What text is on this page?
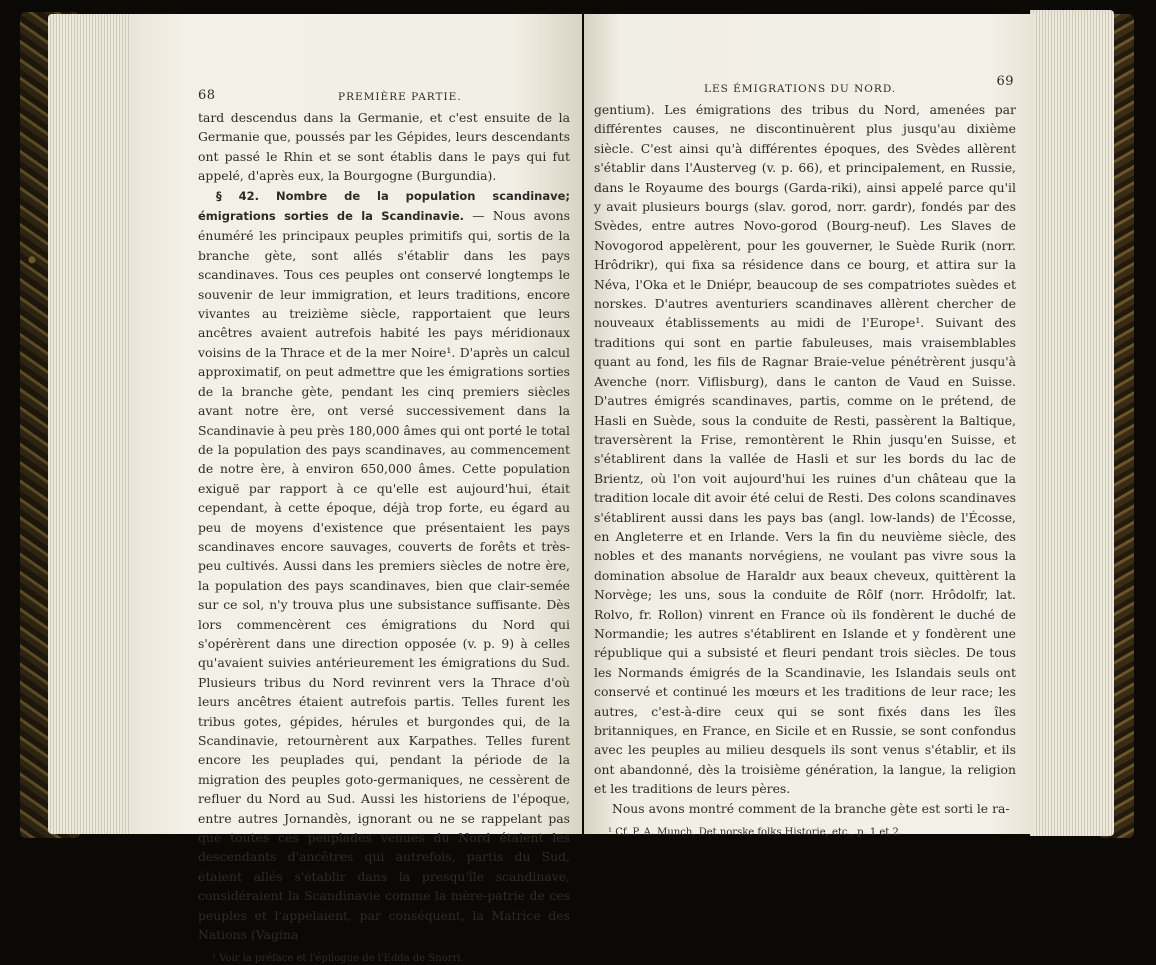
68	PREMIÈRE PARTIE.

tard descendus dans la Germanie, et c'est ensuite de la Germanie que, poussés par les Gépides, leurs descendants ont passé le Rhin et se sont établis dans le pays qui fut appelé, d'après eux, la Bourgogne (Burgundia).

§ 42. Nombre de la population scandinave; émigrations sorties de la Scandinavie. — Nous avons énuméré les principaux peuples primitifs qui, sortis de la branche gète, sont allés s'établir dans les pays scandinaves. Tous ces peuples ont conservé longtemps le souvenir de leur immigration, et leurs traditions, encore vivantes au treizième siècle, rapportaient que leurs ancêtres avaient autrefois habité les pays méridionaux voisins de la Thrace et de la mer Noire¹. D'après un calcul approximatif, on peut admettre que les émigrations sorties de la branche gète, pendant les cinq premiers siècles avant notre ère, ont versé successivement dans la Scandinavie à peu près 180,000 âmes qui ont porté le total de la population des pays scandinaves, au commencement de notre ère, à environ 650,000 âmes. Cette population exiguë par rapport à ce qu'elle est aujourd'hui, était cependant, à cette époque, déjà trop forte, eu égard au peu de moyens d'existence que présentaient les pays scandinaves encore sauvages, couverts de forêts et très-peu cultivés. Aussi dans les premiers siècles de notre ère, la population des pays scandinaves, bien que clair-semée sur ce sol, n'y trouva plus une subsistance suffisante. Dès lors commencèrent ces émigrations du Nord qui s'opérèrent dans une direction opposée (v. p. 9) à celles qu'avaient suivies antérieurement les émigrations du Sud. Plusieurs tribus du Nord revinrent vers la Thrace d'où leurs ancêtres étaient autrefois partis. Telles furent les tribus gotes, gépides, hérules et burgondes qui, de la Scandinavie, retournèrent aux Karpathes. Telles furent encore les peuplades qui, pendant la période de la migration des peuples goto-germaniques, ne cessèrent de refluer du Nord au Sud. Aussi les historiens de l'époque, entre autres Jornandès, ignorant ou ne se rappelant pas que toutes ces peuplades venues du Nord étaient les descendants d'ancêtres qui autrefois, partis du Sud, étaient allés s'établir dans la presqu'île scandinave, considéraient la Scandinavie comme la mère-patrie de ces peuples et l'appelaient, par conséquent, la Matrice des Nations (Vagina

¹ Voir la préface et l'épilogue de l'Edda de Snorri.
LES ÉMIGRATIONS DU NORD.	69

gentium). Les émigrations des tribus du Nord, amenées par différentes causes, ne discontinuèrent plus jusqu'au dixième siècle. C'est ainsi qu'à différentes époques, des Svèdes allèrent s'établir dans l'Austerveg (v. p. 66), et principalement, en Russie, dans le Royaume des bourgs (Garda-riki), ainsi appelé parce qu'il y avait plusieurs bourgs (slav. gorod, norr. gardr), fondés par des Svèdes, entre autres Novo-gorod (Bourg-neuf). Les Slaves de Novogorod appelèrent, pour les gouverner, le Suède Rurik (norr. Hrôdrikr), qui fixa sa résidence dans ce bourg, et attira sur la Néva, l'Oka et le Dniépr, beaucoup de ses compatriotes suèdes et norskes. D'autres aventuriers scandinaves allèrent chercher de nouveaux établissements au midi de l'Europe¹. Suivant des traditions qui sont en partie fabuleuses, mais vraisemblables quant au fond, les fils de Ragnar Braie-velue pénétrèrent jusqu'à Avenche (norr. Viflisburg), dans le canton de Vaud en Suisse. D'autres émigrés scandinaves, partis, comme on le prétend, de Hasli en Suède, sous la conduite de Resti, passèrent la Baltique, traversèrent la Frise, remontèrent le Rhin jusqu'en Suisse, et s'établirent dans la vallée de Hasli et sur les bords du lac de Brientz, où l'on voit aujourd'hui les ruines d'un château que la tradition locale dit avoir été celui de Resti. Des colons scandinaves s'établirent aussi dans les pays bas (angl. low-lands) de l'Écosse, en Angleterre et en Irlande. Vers la fin du neuvième siècle, des nobles et des manants norvégiens, ne voulant pas vivre sous la domination absolue de Haraldr aux beaux cheveux, quittèrent la Norvège; les uns, sous la conduite de Rôlf (norr. Hrôdolfr, lat. Rolvo, fr. Rollon) vinrent en France où ils fondèrent le duché de Normandie; les autres s'établirent en Islande et y fondèrent une république qui a subsisté et fleuri pendant trois siècles. De tous les Normands émigrés de la Scandinavie, les Islandais seuls ont conservé et continué les mœurs et les traditions de leur race; les autres, c'est-à-dire ceux qui se sont fixés dans les îles britanniques, en France, en Sicile et en Russie, se sont confondus avec les peuples au milieu desquels ils sont venus s'établir, et ils ont abandonné, dès la troisième génération, la langue, la religion et les traditions de leurs pères.

Nous avons montré comment de la branche gète est sorti le ra-

¹ Cf. P. A. Munch, Det norske folks Historie, etc., p. 1 et 2.
